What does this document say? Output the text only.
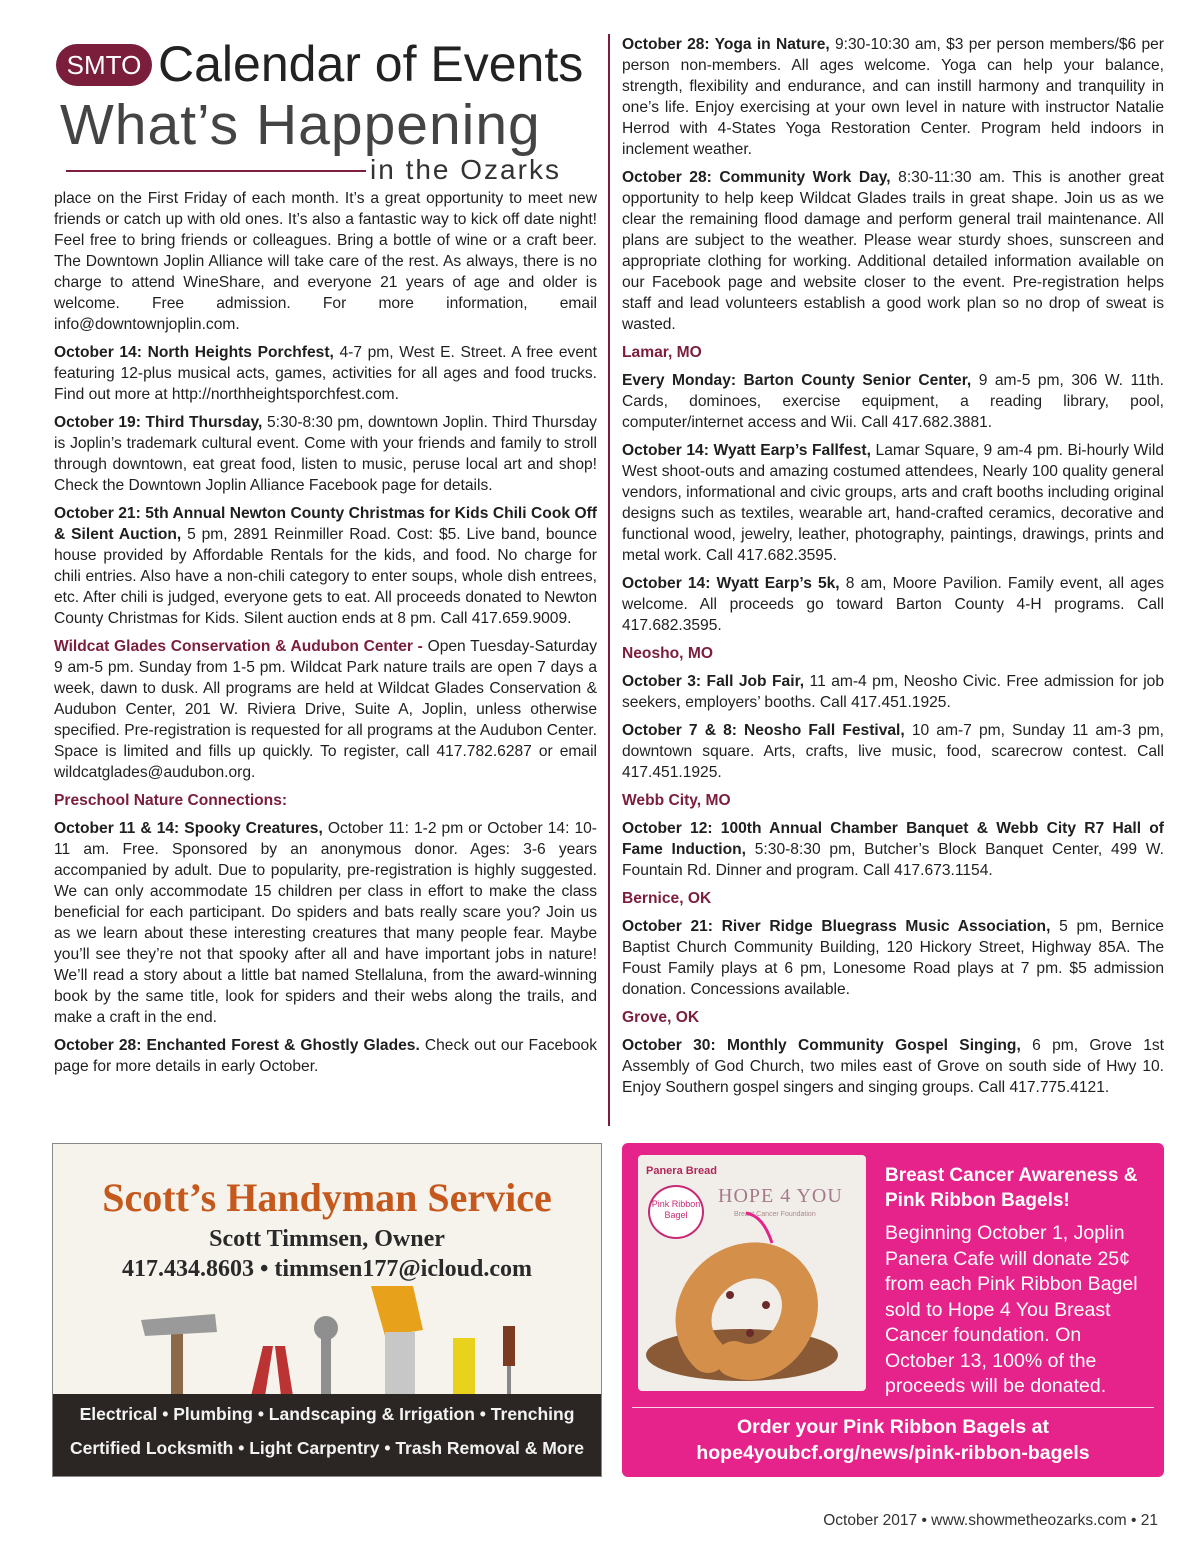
SMTO Calendar of Events
What’s Happening
in the Ozarks

place on the First Friday of each month. It’s a great opportunity to meet new friends or catch up with old ones. It’s also a fantastic way to kick off date night! Feel free to bring friends or colleagues. Bring a bottle of wine or a craft beer. The Downtown Joplin Alliance will take care of the rest. As always, there is no charge to attend WineShare, and everyone 21 years of age and older is welcome. Free admission. For more information, email info@downtownjoplin.com.

October 14: North Heights Porchfest, 4-7 pm, West E. Street. A free event featuring 12-plus musical acts, games, activities for all ages and food trucks. Find out more at http://northheightsporchfest.com.

October 19: Third Thursday, 5:30-8:30 pm, downtown Joplin. Third Thursday is Joplin’s trademark cultural event. Come with your friends and family to stroll through downtown, eat great food, listen to music, peruse local art and shop! Check the Downtown Joplin Alliance Facebook page for details.

October 21: 5th Annual Newton County Christmas for Kids Chili Cook Off & Silent Auction, 5 pm, 2891 Reinmiller Road. Cost: $5. Live band, bounce house provided by Affordable Rentals for the kids, and food. No charge for chili entries. Also have a non-chili category to enter soups, whole dish entrees, etc. After chili is judged, everyone gets to eat. All proceeds donated to Newton County Christmas for Kids. Silent auction ends at 8 pm. Call 417.659.9009.

Wildcat Glades Conservation & Audubon Center - Open Tuesday-Saturday 9 am-5 pm. Sunday from 1-5 pm. Wildcat Park nature trails are open 7 days a week, dawn to dusk. All programs are held at Wildcat Glades Conservation & Audubon Center, 201 W. Riviera Drive, Suite A, Joplin, unless otherwise specified. Pre-registration is requested for all programs at the Audubon Center. Space is limited and fills up quickly. To register, call 417.782.6287 or email wildcatglades@audubon.org.

Preschool Nature Connections:

October 11 & 14: Spooky Creatures, October 11: 1-2 pm or October 14: 10-11 am. Free. Sponsored by an anonymous donor. Ages: 3-6 years accompanied by adult. Due to popularity, pre-registration is highly suggested. We can only accommodate 15 children per class in effort to make the class beneficial for each participant. Do spiders and bats really scare you? Join us as we learn about these interesting creatures that many people fear. Maybe you’ll see they’re not that spooky after all and have important jobs in nature! We’ll read a story about a little bat named Stellaluna, from the award-winning book by the same title, look for spiders and their webs along the trails, and make a craft in the end.

October 28: Enchanted Forest & Ghostly Glades. Check out our Facebook page for more details in early October.

October 28: Yoga in Nature, 9:30-10:30 am, $3 per person members/$6 per person non-members. All ages welcome. Yoga can help your balance, strength, flexibility and endurance, and can instill harmony and tranquility in one’s life. Enjoy exercising at your own level in nature with instructor Natalie Herrod with 4-States Yoga Restoration Center. Program held indoors in inclement weather.

October 28: Community Work Day, 8:30-11:30 am. This is another great opportunity to help keep Wildcat Glades trails in great shape. Join us as we clear the remaining flood damage and perform general trail maintenance. All plans are subject to the weather. Please wear sturdy shoes, sunscreen and appropriate clothing for working. Additional detailed information available on our Facebook page and website closer to the event. Pre-registration helps staff and lead volunteers establish a good work plan so no drop of sweat is wasted.

Lamar, MO

Every Monday: Barton County Senior Center, 9 am-5 pm, 306 W. 11th. Cards, dominoes, exercise equipment, a reading library, pool, computer/internet access and Wii. Call 417.682.3881.

October 14: Wyatt Earp’s Fallfest, Lamar Square, 9 am-4 pm. Bi-hourly Wild West shoot-outs and amazing costumed attendees, Nearly 100 quality general vendors, informational and civic groups, arts and craft booths including original designs such as textiles, wearable art, hand-crafted ceramics, decorative and functional wood, jewelry, leather, photography, paintings, drawings, prints and metal work. Call 417.682.3595.

October 14: Wyatt Earp’s 5k, 8 am, Moore Pavilion. Family event, all ages welcome. All proceeds go toward Barton County 4-H programs. Call 417.682.3595.

Neosho, MO

October 3: Fall Job Fair, 11 am-4 pm, Neosho Civic. Free admission for job seekers, employers’ booths. Call 417.451.1925.

October 7 & 8: Neosho Fall Festival, 10 am-7 pm, Sunday 11 am-3 pm, downtown square. Arts, crafts, live music, food, scarecrow contest. Call 417.451.1925.

Webb City, MO

October 12: 100th Annual Chamber Banquet & Webb City R7 Hall of Fame Induction, 5:30-8:30 pm, Butcher’s Block Banquet Center, 499 W. Fountain Rd. Dinner and program. Call 417.673.1154.

Bernice, OK

October 21: River Ridge Bluegrass Music Association, 5 pm, Bernice Baptist Church Community Building, 120 Hickory Street, Highway 85A. The Foust Family plays at 6 pm, Lonesome Road plays at 7 pm. $5 admission donation. Concessions available.

Grove, OK

October 30: Monthly Community Gospel Singing, 6 pm, Grove 1st Assembly of God Church, two miles east of Grove on south side of Hwy 10. Enjoy Southern gospel singers and singing groups. Call 417.775.4121.

Scott’s Handyman Service
Scott Timmsen, Owner
417.434.8603 • timmsen177@icloud.com
Electrical • Plumbing • Landscaping & Irrigation • Trenching
Certified Locksmith • Light Carpentry • Trash Removal & More
Panera Bread
Pink Ribbon Bagel
HOPE 4 YOU
Breast Cancer Foundation
Breast Cancer Awareness & Pink Ribbon Bagels!
Beginning October 1, Joplin Panera Cafe will donate 25¢ from each Pink Ribbon Bagel sold to Hope 4 You Breast Cancer foundation. On October 13, 100% of the proceeds will be donated.
Order your Pink Ribbon Bagels at
hope4youbcf.org/news/pink-ribbon-bagels
October 2017 • www.showmetheozarks.com • 21
